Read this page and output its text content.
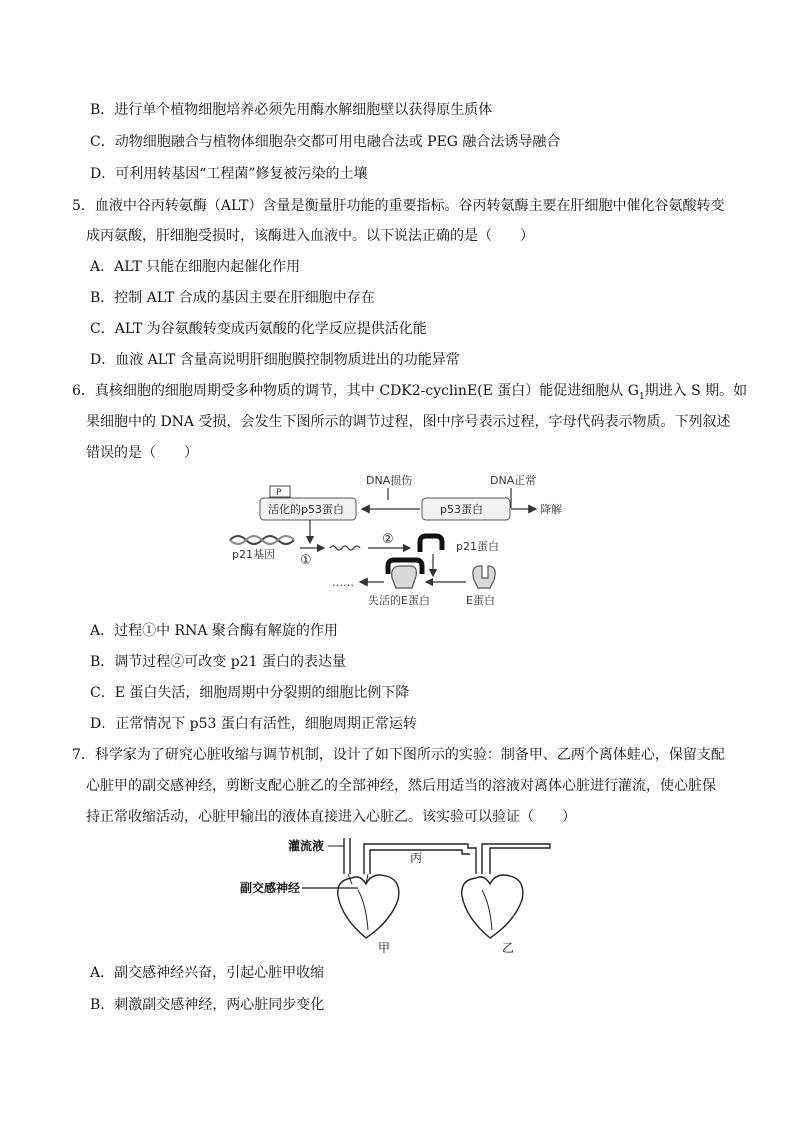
B．进行单个植物细胞培养必须先用酶水解细胞壁以获得原生质体
C．动物细胞融合与植物体细胞杂交都可用电融合法或 PEG 融合法诱导融合
D．可利用转基因“工程菌”修复被污染的土壤
5．血液中谷丙转氨酶（ALT）含量是衡量肝功能的重要指标。谷丙转氨酶主要在肝细胞中催化谷氨酸转变
成丙氨酸，肝细胞受损时，该酶进入血液中。以下说法正确的是（　　）
A．ALT 只能在细胞内起催化作用
B．控制 ALT 合成的基因主要在肝细胞中存在
C．ALT 为谷氨酸转变成丙氨酸的化学反应提供活化能
D．血液 ALT 含量高说明肝细胞膜控制物质进出的功能异常
6．真核细胞的细胞周期受多种物质的调节，其中 CDK2-cyclinE(E 蛋白）能促进细胞从 $G_1$期进入 S 期。如
果细胞中的 DNA 受损，会发生下图所示的调节过程，图中序号表示过程，字母代码表示物质。下列叙述
错误的是（　　）
DNA损伤	DNA正常
P
活化的p53蛋白	p53蛋白	降解
p21基因 ①
②	p21蛋白
失活的E蛋白	E蛋白
……
A．过程①中 RNA 聚合酶有解旋的作用
B．调节过程②可改变 p21 蛋白的表达量
C．E 蛋白失活，细胞周期中分裂期的细胞比例下降
D．正常情况下 p53 蛋白有活性，细胞周期正常运转
7．科学家为了研究心脏收缩与调节机制，设计了如下图所示的实验：制备甲、乙两个离体蛙心，保留支配
心脏甲的副交感神经，剪断支配心脏乙的全部神经，然后用适当的溶液对离体心脏进行灌流，使心脏保
持正常收缩活动，心脏甲输出的液体直接进入心脏乙。该实验可以验证（　　）
灌流液
副交感神经
丙
甲	乙
A．副交感神经兴奋，引起心脏甲收缩
B．刺激副交感神经，两心脏同步变化
